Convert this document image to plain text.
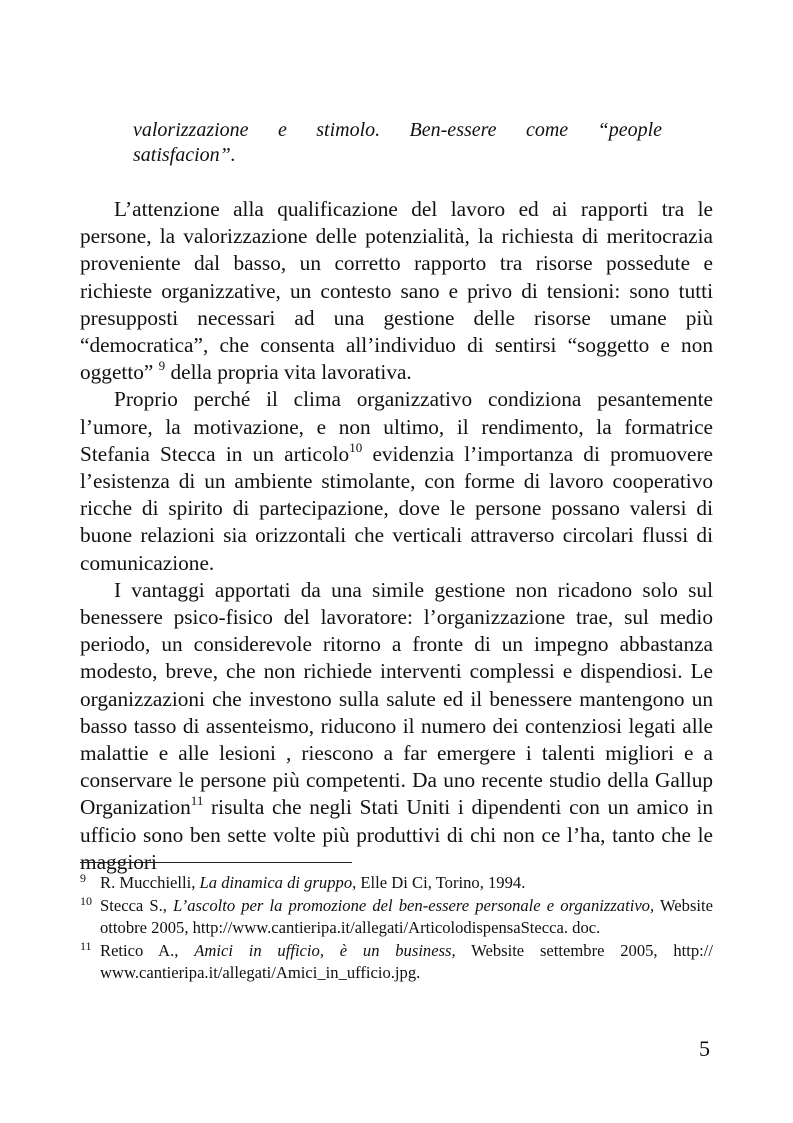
valorizzazione e stimolo. Ben-essere come “people
satisfacion”.

L’attenzione alla qualificazione del lavoro ed ai rapporti tra le persone, la valorizzazione delle potenzialità, la richiesta di meritocrazia proveniente dal basso, un corretto rapporto tra risorse possedute e richieste organizzative, un contesto sano e privo di tensioni: sono tutti presupposti necessari ad una gestione delle risorse umane più “democratica”, che consenta all’individuo di sentirsi “soggetto e non oggetto” $^9$ della propria vita lavorativa.

Proprio perché il clima organizzativo condiziona pesantemente l’umore, la motivazione, e non ultimo, il rendimento, la formatrice Stefania Stecca in un articolo$^{10}$ evidenzia l’importanza di promuovere l’esistenza di un ambiente stimolante, con forme di lavoro cooperativo ricche di spirito di partecipazione, dove le persone possano valersi di buone relazioni sia orizzontali che verticali attraverso circolari flussi di comunicazione.

I vantaggi apportati da una simile gestione non ricadono solo sul benessere psico-fisico del lavoratore: l’organizzazione trae, sul medio periodo, un considerevole ritorno a fronte di un impegno abbastanza modesto, breve, che non richiede interventi complessi e dispendiosi. Le organizzazioni che investono sulla salute ed il benessere mantengono un basso tasso di assenteismo, riducono il numero dei contenziosi legati alle malattie e alle lesioni , riescono a far emergere i talenti migliori e a conservare le persone più competenti. Da uno recente studio della Gallup Organization$^{11}$ risulta che negli Stati Uniti i dipendenti con un amico in ufficio sono ben sette volte più produttivi di chi non ce l’ha, tanto che le maggiori

9 R. Mucchielli, La dinamica di gruppo, Elle Di Ci, Torino, 1994.
10 Stecca S., L’ascolto per la promozione del ben-essere personale e organizzativo, Website ottobre 2005, http://www.cantieripa.it/allegati/ArticolodispensaStecca. doc.
11 Retico A., Amici in ufficio, è un business, Website settembre 2005, http:// www.cantieripa.it/allegati/Amici_in_ufficio.jpg.
5
